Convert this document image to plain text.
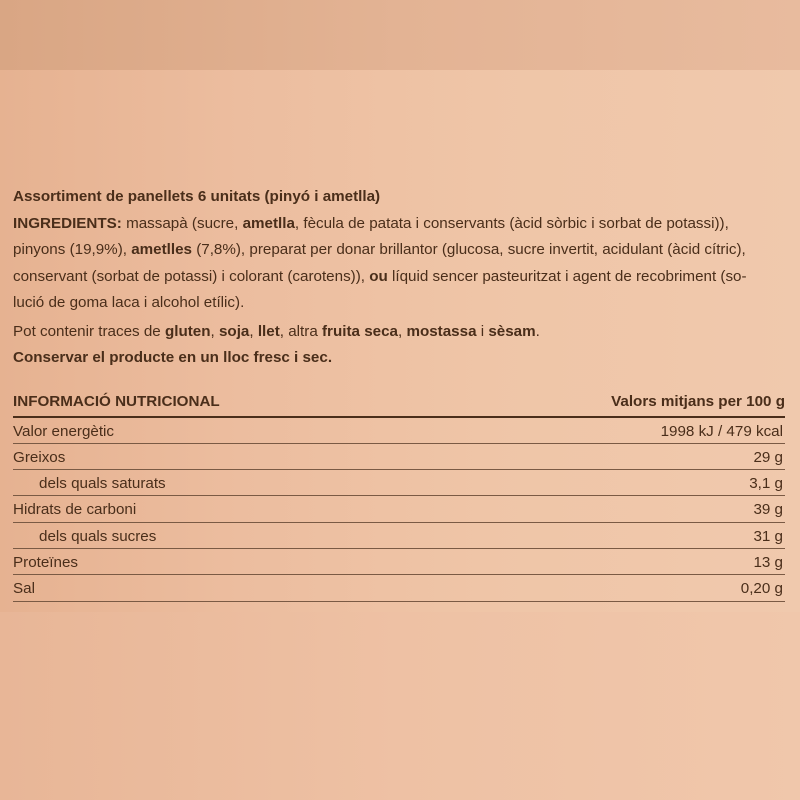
Assortiment de panellets 6 unitats (pinyó i ametlla)

INGREDIENTS: massapà (sucre, ametlla, fècula de patata i conservants (àcid sòrbic i sorbat de potassi)),
pinyons (19,9%), ametlles (7,8%), preparat per donar brillantor (glucosa, sucre invertit, acidulant (àcid cítric),
conservant (sorbat de potassi) i colorant (carotens)), ou líquid sencer pasteuritzat i agent de recobriment (so-
lució de goma laca i alcohol etílic).

Pot contenir traces de gluten, soja, llet, altra fruita seca, mostassa i sèsam.

Conservar el producte en un lloc fresc i sec.

INFORMACIÓ NUTRICIONAL	Valors mitjans per 100 g
Valor energètic	1998 kJ / 479 kcal
Greixos	29 g
dels quals saturats	3,1 g
Hidrats de carboni	39 g
dels quals sucres	31 g
Proteïnes	13 g
Sal	0,20 g
